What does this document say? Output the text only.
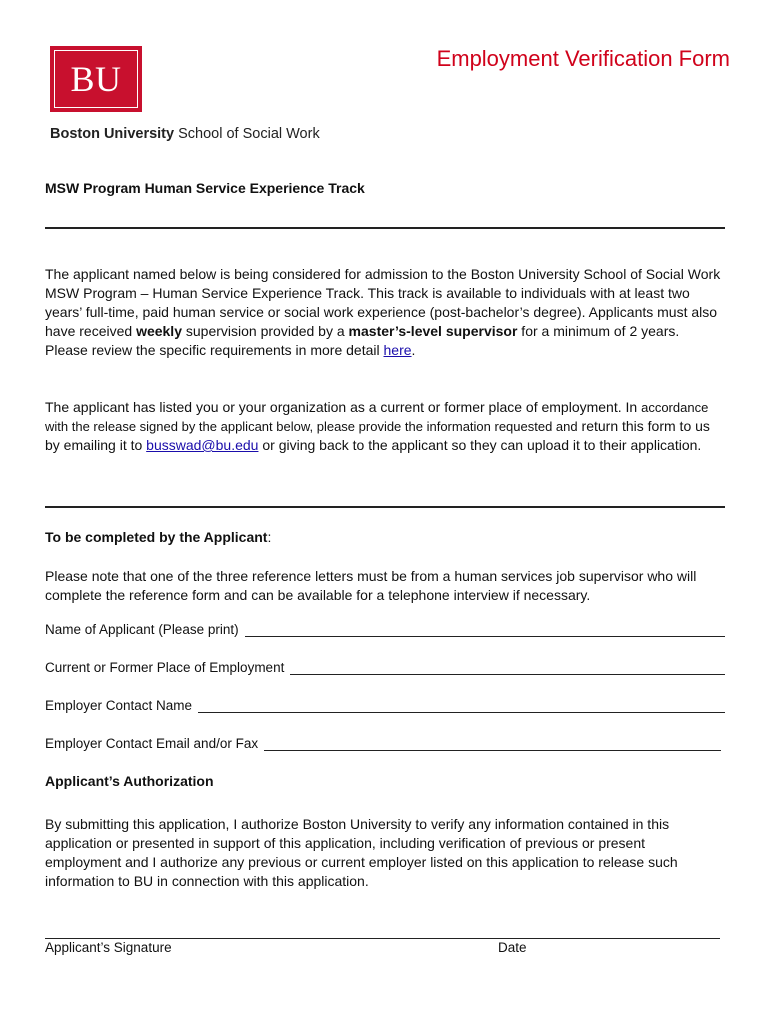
BU
Boston University School of Social Work
Employment Verification Form
MSW Program Human Service Experience Track
The applicant named below is being considered for admission to the Boston University School of Social Work MSW Program – Human Service Experience Track. This track is available to individuals with at least two years’ full-time, paid human service or social work experience (post-bachelor’s degree). Applicants must also have received weekly supervision provided by a master’s-level supervisor for a minimum of 2 years. Please review the specific requirements in more detail here.
The applicant has listed you or your organization as a current or former place of employment. In accordance with the release signed by the applicant below, please provide the information requested and return this form to us by emailing it to busswad@bu.edu or giving back to the applicant so they can upload it to their application.
To be completed by the Applicant:
Please note that one of the three reference letters must be from a human services job supervisor who will complete the reference form and can be available for a telephone interview if necessary.
Name of Applicant (Please print)
Current or Former Place of Employment
Employer Contact Name
Employer Contact Email and/or Fax
Applicant’s Authorization
By submitting this application, I authorize Boston University to verify any information contained in this application or presented in support of this application, including verification of previous or present employment and I authorize any previous or current employer listed on this application to release such information to BU in connection with this application.
Applicant’s Signature	Date
